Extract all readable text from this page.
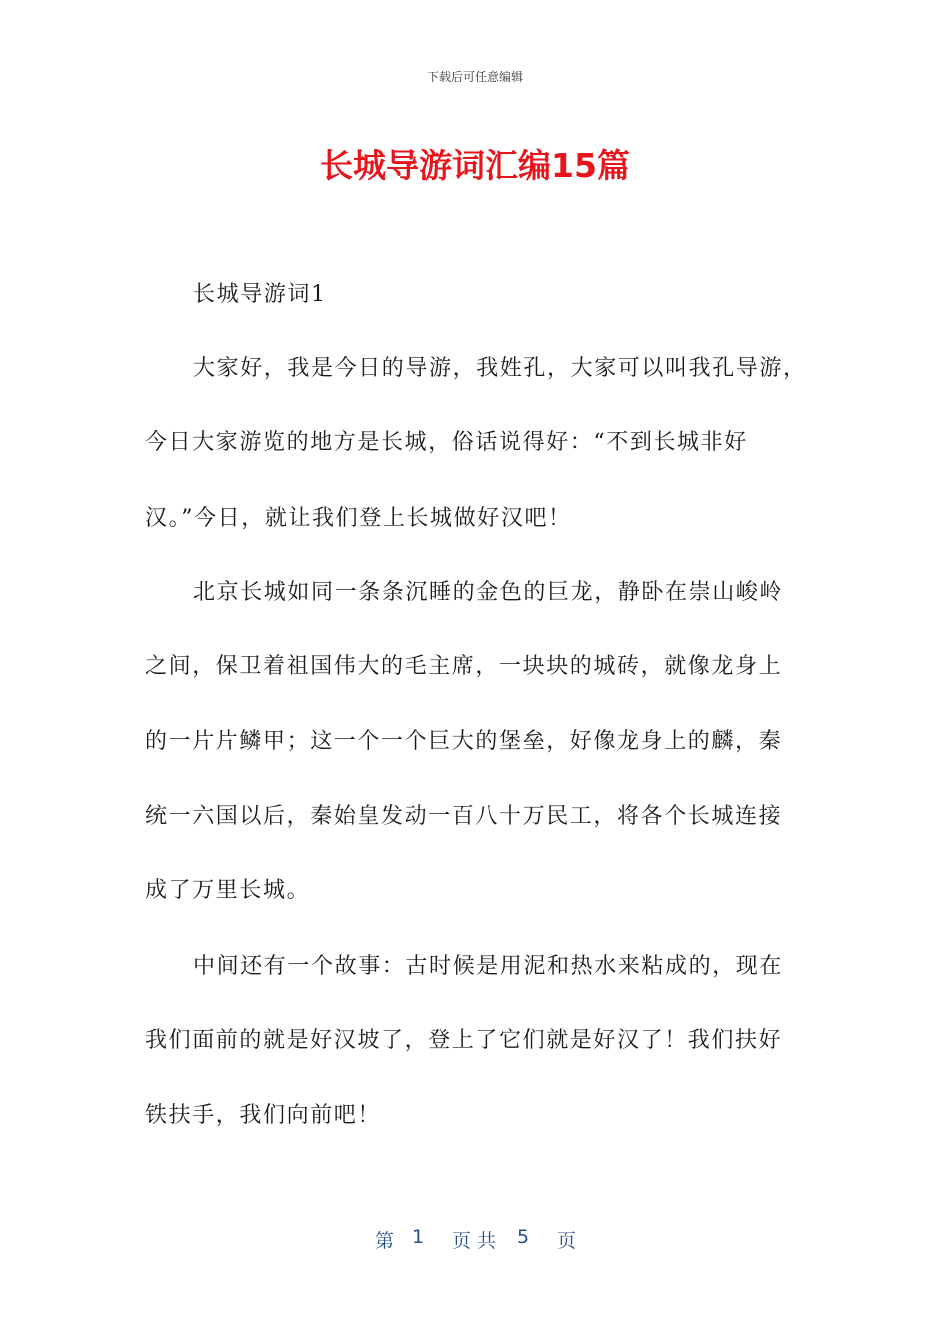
下载后可任意编辑
长城导游词汇编15篇
长城导游词1
大家好，我是今日的导游，我姓孔，大家可以叫我孔导游，
今日大家游览的地方是长城，俗话说得好：“不到长城非好
汉。”今日，就让我们登上长城做好汉吧！
北京长城如同一条条沉睡的金色的巨龙，静卧在崇山峻岭
之间，保卫着祖国伟大的毛主席，一块块的城砖，就像龙身上
的一片片鳞甲；这一个一个巨大的堡垒，好像龙身上的麟，秦
统一六国以后，秦始皇发动一百八十万民工，将各个长城连接
成了万里长城。
中间还有一个故事：古时候是用泥和热水来粘成的，现在
我们面前的就是好汉坡了，登上了它们就是好汉了！我们扶好
铁扶手，我们向前吧！
第 1 页 共 5 页
